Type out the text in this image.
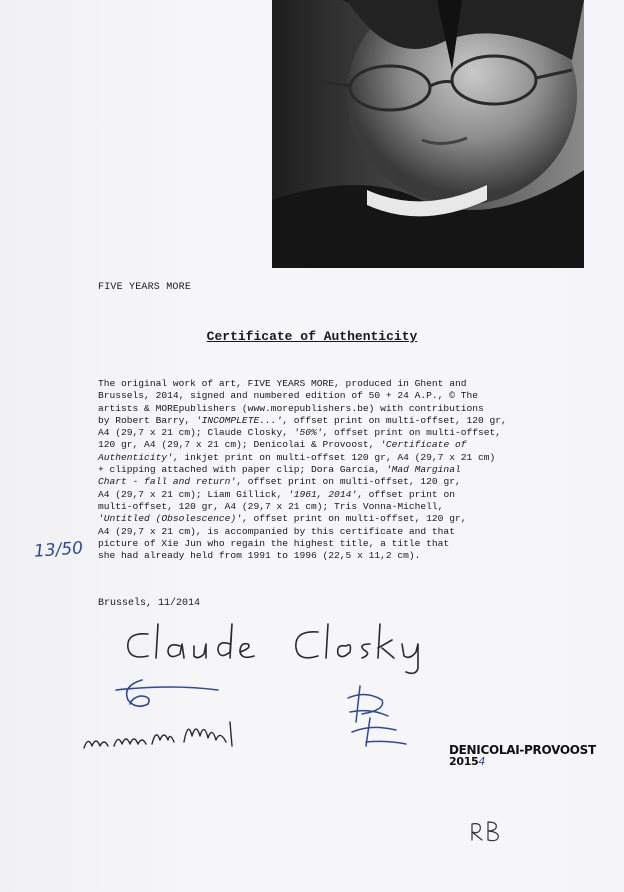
FIVE YEARS MORE
Certificate of Authenticity
The original work of art, FIVE YEARS MORE, produced in Ghent and
Brussels, 2014, signed and numbered edition of 50 + 24 A.P., © The
artists & MOREpublishers (www.morepublishers.be) with contributions
by Robert Barry, 'INCOMPLETE...', offset print on multi-offset, 120 gr,
A4 (29,7 x 21 cm); Claude Closky, '50%', offset print on multi-offset,
120 gr, A4 (29,7 x 21 cm); Denicolai & Provoost, 'Certificate of
Authenticity', inkjet print on multi-offset 120 gr, A4 (29,7 x 21 cm)
+ clipping attached with paper clip; Dora García, 'Mad Marginal
Chart - fall and return', offset print on multi-offset, 120 gr,
A4 (29,7 x 21 cm); Liam Gillick, '1961, 2014', offset print on
multi-offset, 120 gr, A4 (29,7 x 21 cm); Tris Vonna-Michell,
'Untitled (Obsolescence)', offset print on multi-offset, 120 gr,
A4 (29,7 x 21 cm), is accompanied by this certificate and that
picture of Xie Jun who regain the highest title, a title that
she had already held from 1991 to 1996 (22,5 x 11,2 cm).
13/50
Brussels, 11/2014
DENICOLAI-PROVOOST
20154
